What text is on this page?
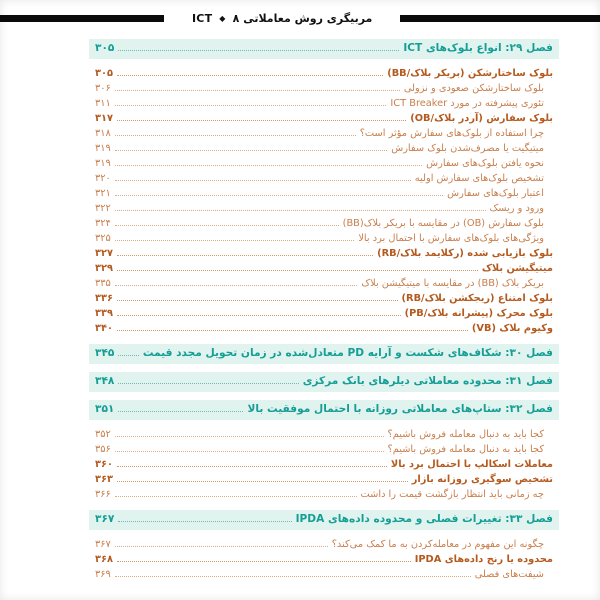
مربیگری روش معاملاتی ICT◆ ۸
فصل ۲۹: انواع بلوک‌های ICT
۳۰۵
بلوک ساختارشکن (بریکر بلاک/BB)
۳۰۵
بلوک ساختارشکن صعودی و نزولی
۳۰۶
تئوری پیشرفته در مورد ICT Breaker
۳۱۱
بلوک سفارش (آردر بلاک/OB)
۳۱۷
چرا استفاده از بلوک‌های سفارش مؤثر است؟
۳۱۸
میتیگیت یا مصرف‌شدن بلوک سفارش
۳۱۹
نحوه یافتن بلوک‌های سفارش
۳۱۹
تشخیص بلوک‌های سفارش اولیه
۳۲۰
اعتبار بلوک‌های سفارش
۳۲۱
ورود و ریسک
۳۲۲
بلوک سفارش (OB) در مقایسه با بریکر بلاک(BB)
۳۲۴
ویژگی‌های بلوک‌های سفارش با احتمال برد بالا
۳۲۵
بلوک بازیابی شده (رکلایمد بلاک/RB)
۳۲۷
میتیگیشن بلاک
۳۲۹
بریکر بلاک (BB) در مقایسه با میتیگیشن بلاک
۳۳۵
بلوک امتناع (ریجکشن بلاک/RB)
۳۳۶
بلوک محرک (پیشرانه بلاک/PB)
۳۳۹
وکیوم بلاک (VB)
۳۴۰
فصل ۳۰: شکاف‌های شکست و آرایه PD متعادل‌شده در زمان تحویل مجدد قیمت
۳۴۵
فصل ۳۱: محدوده معاملاتی دیلرهای بانک مرکزی
۳۴۸
فصل ۳۲: ستاپ‌های معاملاتی روزانه با احتمال موفقیت بالا
۳۵۱
کجا باید به دنبال معامله فروش باشیم؟
۳۵۲
کجا باید به دنبال معامله فروش باشیم؟
۳۵۶
معاملات اسکالپ با احتمال برد بالا
۳۶۰
تشخیص سوگیری روزانه بازار
۳۶۳
چه زمانی باید انتظار بازگشت قیمت را داشت
۳۶۶
فصل ۳۳: تغییرات فصلی و محدوده داده‌های IPDA
۳۶۷
چگونه این مفهوم در معامله‌کردن به ما کمک می‌کند؟
۳۶۷
محدوده یا رنج داده‌های IPDA
۳۶۸
شیفت‌های فصلی
۳۶۹
